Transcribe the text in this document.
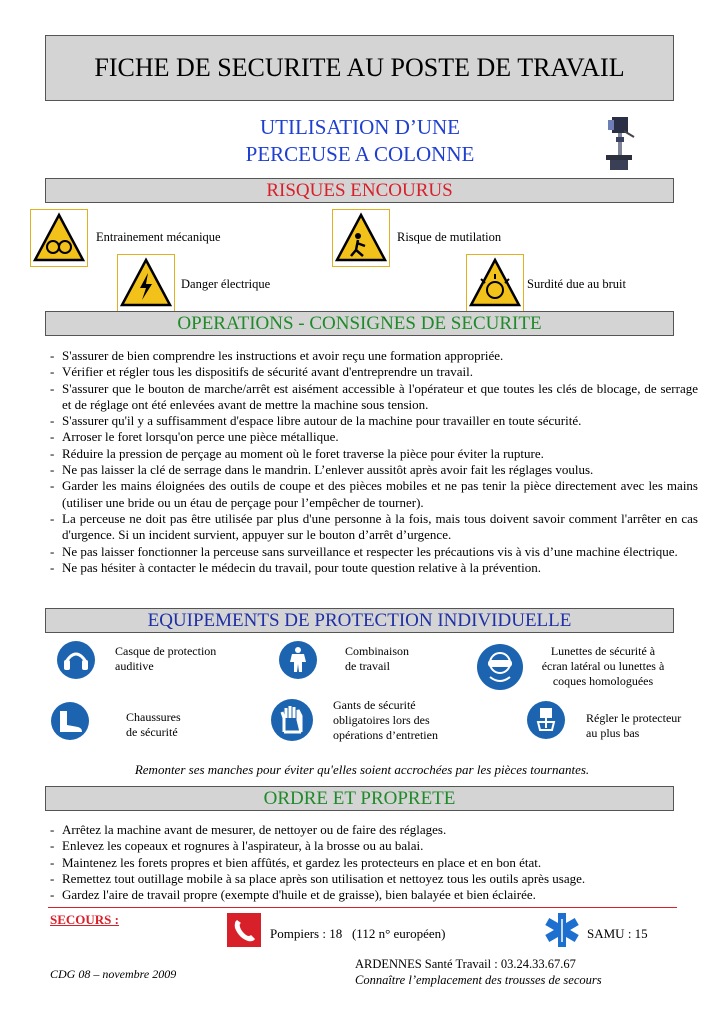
FICHE DE SECURITE AU POSTE DE TRAVAIL
UTILISATION D’UNE
PERCEUSE A COLONNE
RISQUES ENCOURUS
Entrainement mécanique	Risque de mutilation
Danger électrique	Surdité due au bruit
OPERATIONS - CONSIGNES DE SECURITE
- S'assurer de bien comprendre les instructions et avoir reçu une formation appropriée.
- Vérifier et régler tous les dispositifs de sécurité avant d'entreprendre un travail.
- S'assurer que le bouton de marche/arrêt est aisément accessible à l'opérateur et que toutes les clés de blocage, de serrage et de réglage ont été enlevées avant de mettre la machine sous tension.
- S'assurer qu'il y a suffisamment d'espace libre autour de la machine pour travailler en toute sécurité.
- Arroser le foret lorsqu'on perce une pièce métallique.
- Réduire la pression de perçage au moment où le foret traverse la pièce pour éviter la rupture.
- Ne pas laisser la clé de serrage dans le mandrin. L’enlever aussitôt après avoir fait les réglages voulus.
- Garder les mains éloignées des outils de coupe et des pièces mobiles et ne pas tenir la pièce directement avec les mains (utiliser une bride ou un étau de perçage pour l’empêcher de tourner).
- La perceuse ne doit pas être utilisée par plus d'une personne à la fois, mais tous doivent savoir comment l'arrêter en cas d'urgence. Si un incident survient, appuyer sur le bouton d’arrêt d’urgence.
- Ne pas laisser fonctionner la perceuse sans surveillance et respecter les précautions vis à vis d’une machine électrique.
- Ne pas hésiter à contacter le médecin du travail, pour toute question relative à la prévention.
EQUIPEMENTS DE PROTECTION INDIVIDUELLE
Casque de protection
auditive
Combinaison
de travail
Lunettes de sécurité à
écran latéral ou lunettes à
coques homologuées
Chaussures
de sécurité
Gants de sécurité
obligatoires lors des
opérations d’entretien
Régler le protecteur
au plus bas
Remonter ses manches pour éviter qu'elles soient accrochées par les pièces tournantes.
ORDRE ET PROPRETE
- Arrêtez la machine avant de mesurer, de nettoyer ou de faire des réglages.
- Enlevez les copeaux et rognures à l'aspirateur, à la brosse ou au balai.
- Maintenez les forets propres et bien affûtés, et gardez les protecteurs en place et en bon état.
- Remettez tout outillage mobile à sa place après son utilisation et nettoyez tous les outils après usage.
- Gardez l'aire de travail propre (exempte d'huile et de graisse), bien balayée et bien éclairée.
SECOURS :
Pompiers : 18   (112 n° européen)	SAMU : 15
CDG 08 – novembre 2009
ARDENNES Santé Travail : 03.24.33.67.67
Connaître l’emplacement des trousses de secours
